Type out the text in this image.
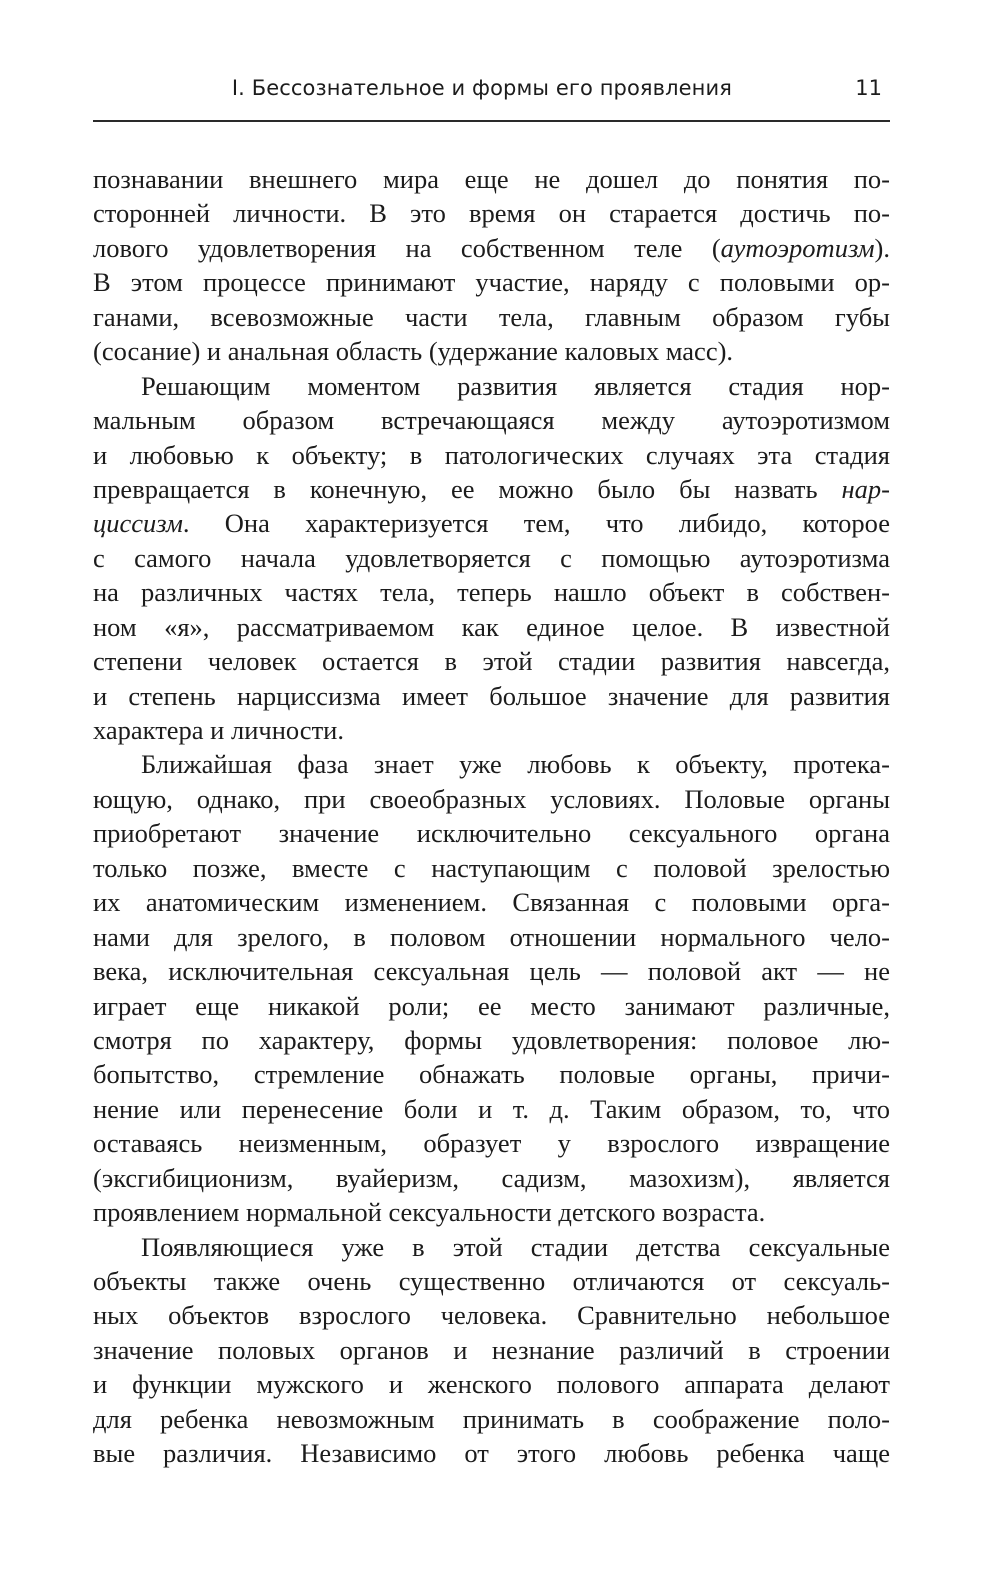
I. Бессознательное и формы его проявления	11
познавании внешнего мира еще не дошел до понятия по-
сторонней личности. В это время он старается достичь по-
лового удовлетворения на собственном теле (аутоэротизм).
В этом процессе принимают участие, наряду с половыми ор-
ганами, всевозможные части тела, главным образом губы
(сосание) и анальная область (удержание каловых масс).
Решающим моментом развития является стадия нор-
мальным образом встречающаяся между аутоэротизмом
и любовью к объекту; в патологических случаях эта стадия
превращается в конечную, ее можно было бы назвать нар-
циссизм. Она характеризуется тем, что либидо, которое
с самого начала удовлетворяется с помощью аутоэротизма
на различных частях тела, теперь нашло объект в собствен-
ном «я», рассматриваемом как единое целое. В известной
степени человек остается в этой стадии развития навсегда,
и степень нарциссизма имеет большое значение для развития
характера и личности.
Ближайшая фаза знает уже любовь к объекту, протека-
ющую, однако, при своеобразных условиях. Половые органы
приобретают значение исключительно сексуального органа
только позже, вместе с наступающим с половой зрелостью
их анатомическим изменением. Связанная с половыми орга-
нами для зрелого, в половом отношении нормального чело-
века, исключительная сексуальная цель — половой акт — не
играет еще никакой роли; ее место занимают различные,
смотря по характеру, формы удовлетворения: половое лю-
бопытство, стремление обнажать половые органы, причи-
нение или перенесение боли и т. д. Таким образом, то, что
оставаясь неизменным, образует у взрослого извращение
(эксгибиционизм, вуайеризм, садизм, мазохизм), является
проявлением нормальной сексуальности детского возраста.
Появляющиеся уже в этой стадии детства сексуальные
объекты также очень существенно отличаются от сексуаль-
ных объектов взрослого человека. Сравнительно небольшое
значение половых органов и незнание различий в строении
и функции мужского и женского полового аппарата делают
для ребенка невозможным принимать в соображение поло-
вые различия. Независимо от этого любовь ребенка чаще
